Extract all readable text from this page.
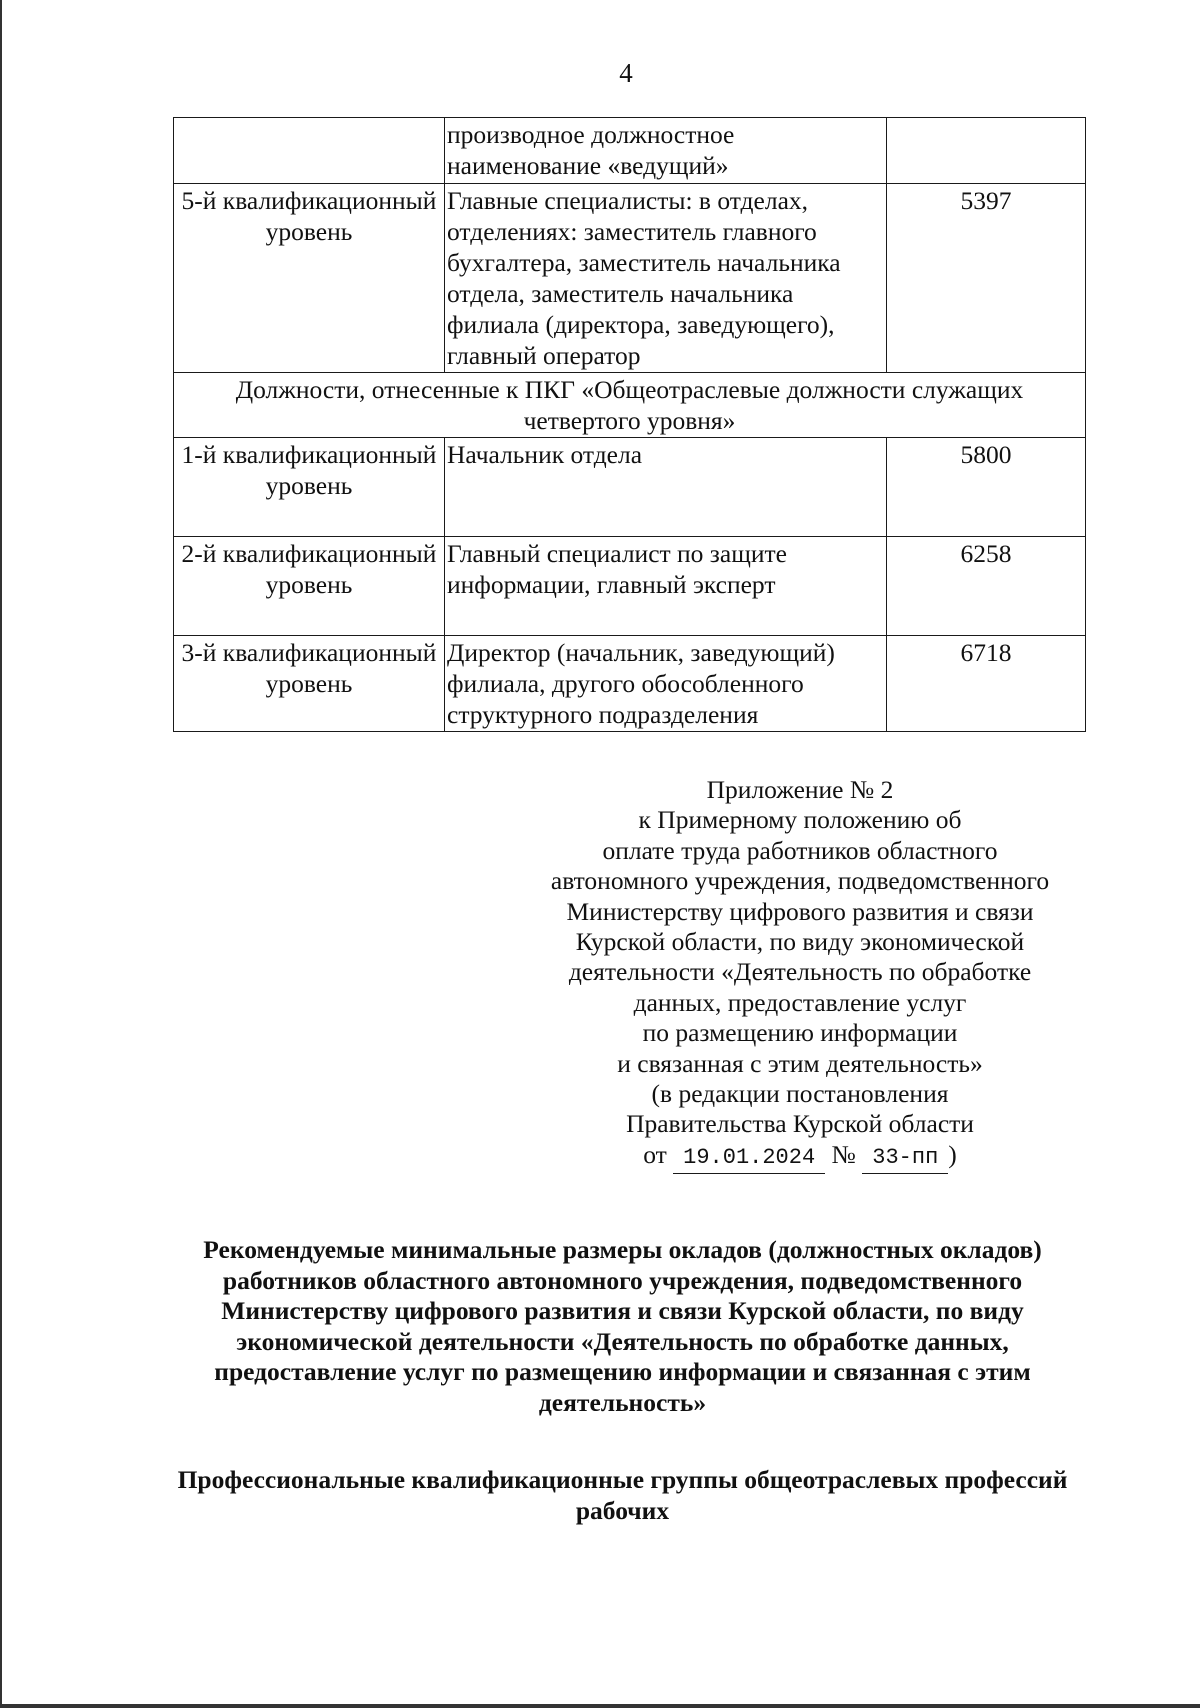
4
	производное должностное наименование «ведущий»	
5-й квалификационный уровень	Главные специалисты: в отделах, отделениях: заместитель главного бухгалтера, заместитель начальника отдела, заместитель начальника филиала (директора, заведующего), главный оператор	5397
Должности, отнесенные к ПКГ «Общеотраслевые должности служащих четвертого уровня»		
1-й квалификационный уровень	Начальник отдела	5800
2-й квалификационный уровень	Главный специалист по защите информации, главный эксперт	6258
3-й квалификационный уровень	Директор (начальник, заведующий) филиала, другого обособленного структурного подразделения	6718
Приложение № 2
к Примерному положению об
оплате труда работников областного
автономного учреждения, подведомственного
Министерству цифрового развития и связи
Курской области, по виду экономической
деятельности «Деятельность по обработке
данных, предоставление услуг
по размещению информации
и связанная с этим деятельность»
(в редакции постановления
Правительства Курской области
от 19.01.2024 № 33-пп )
Рекомендуемые минимальные размеры окладов (должностных окладов) работников областного автономного учреждения, подведомственного Министерству цифрового развития и связи Курской области, по виду экономической деятельности «Деятельность по обработке данных, предоставление услуг по размещению информации и связанная с этим деятельность»
Профессиональные квалификационные группы общеотраслевых профессий рабочих
